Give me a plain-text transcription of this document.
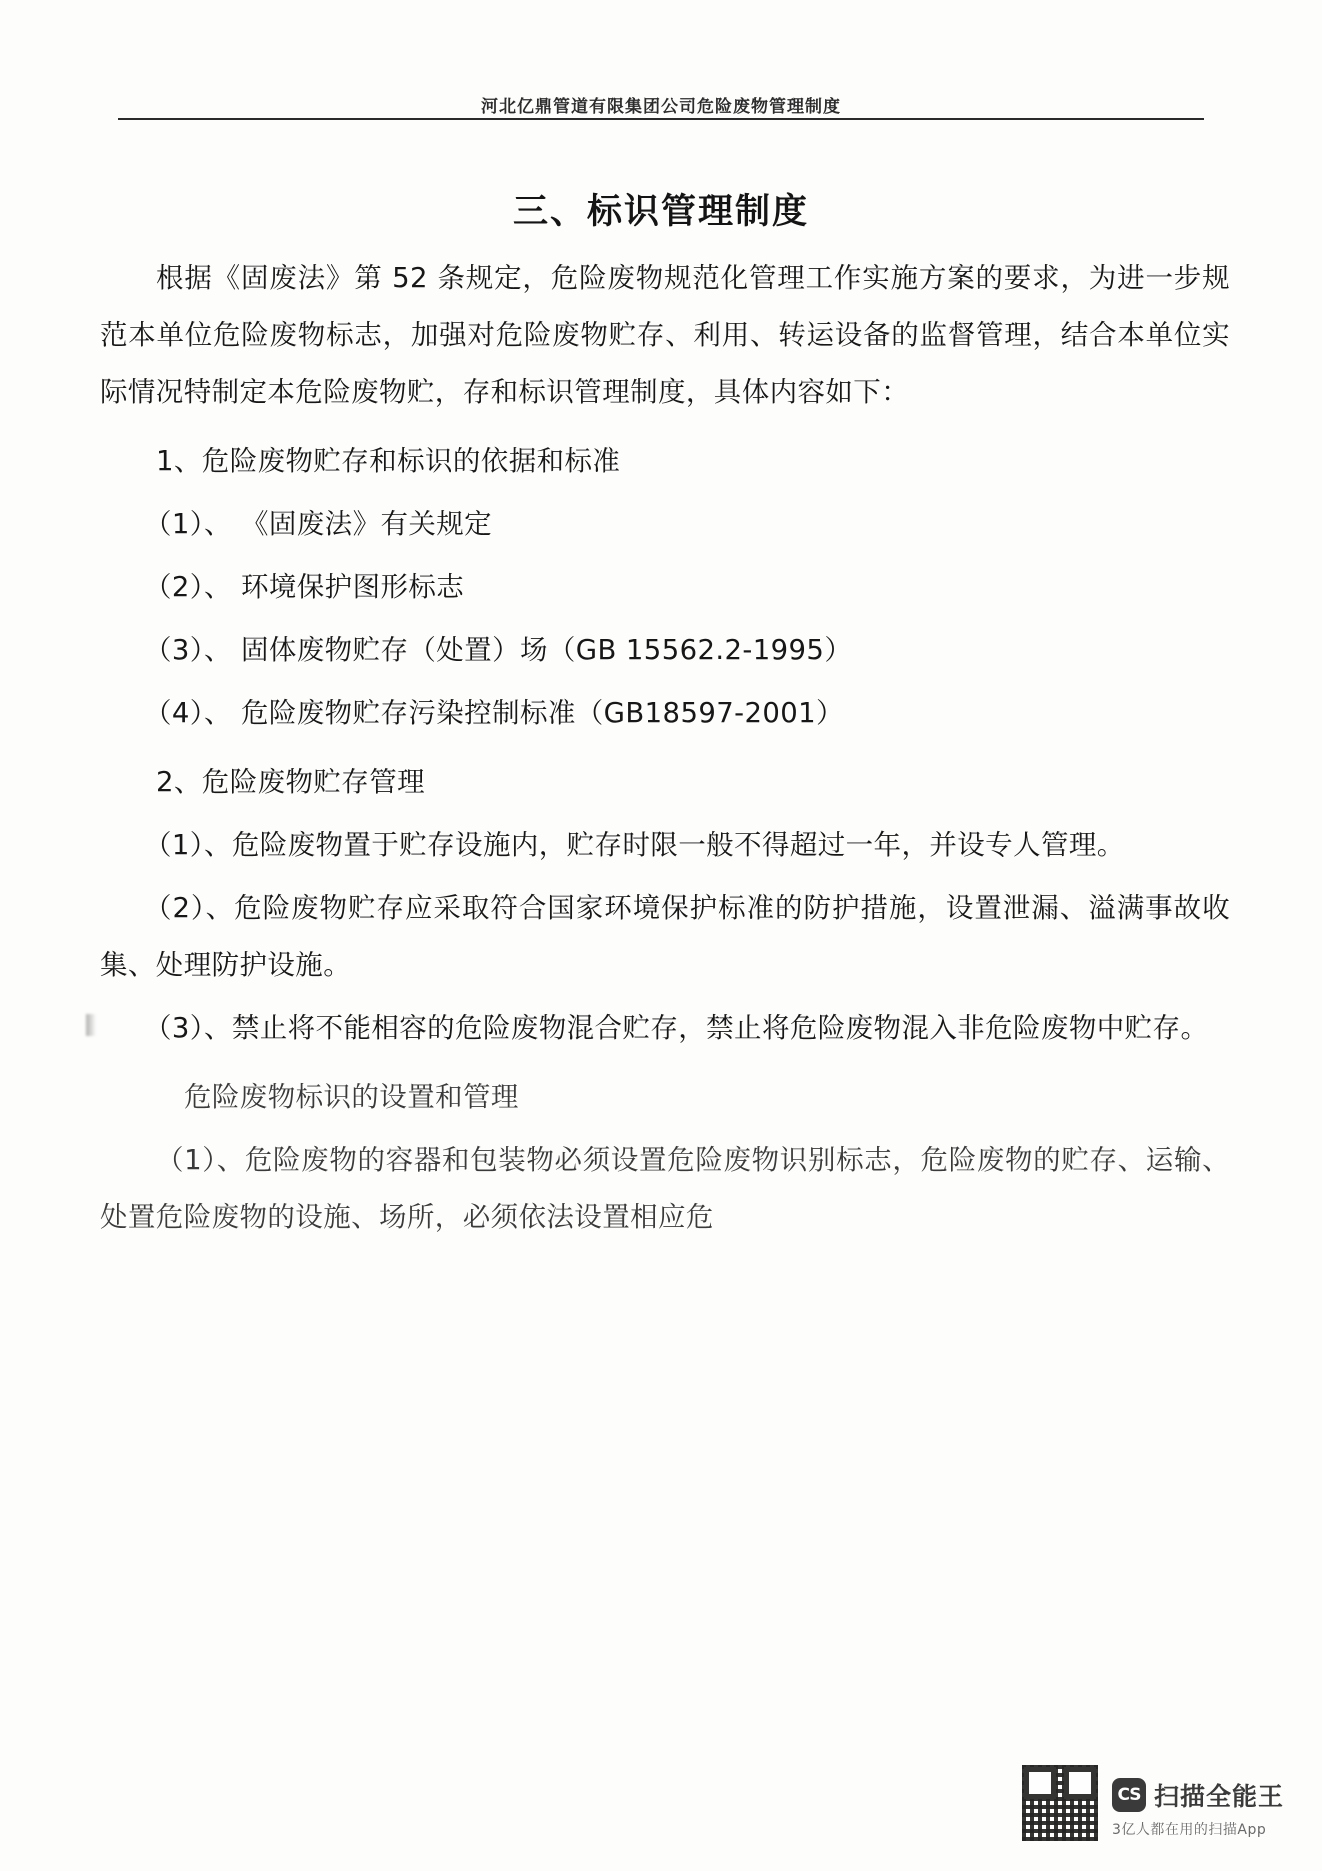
河北亿鼎管道有限集团公司危险废物管理制度
三、标识管理制度

根据《固废法》第 52 条规定，危险废物规范化管理工作实施方案的要求，为进一步规范本单位危险废物标志，加强对危险废物贮存、利用、转运设备的监督管理，结合本单位实际情况特制定本危险废物贮，存和标识管理制度，具体内容如下：

1、危险废物贮存和标识的依据和标准

（1）、 《固废法》有关规定

（2）、 环境保护图形标志

（3）、 固体废物贮存（处置）场（GB 15562.2-1995）

（4）、 危险废物贮存污染控制标准（GB18597-2001）

2、危险废物贮存管理

（1）、危险废物置于贮存设施内，贮存时限一般不得超过一年，并设专人管理。

（2）、危险废物贮存应采取符合国家环境保护标准的防护措施，设置泄漏、溢满事故收集、处理防护设施。

（3）、禁止将不能相容的危险废物混合贮存，禁止将危险废物混入非危险废物中贮存。

危险废物标识的设置和管理

（1）、危险废物的容器和包装物必须设置危险废物识别标志，危险废物的贮存、运输、处置危险废物的设施、场所，必须依法设置相应危

CS 扫描全能王
3亿人都在用的扫描App
